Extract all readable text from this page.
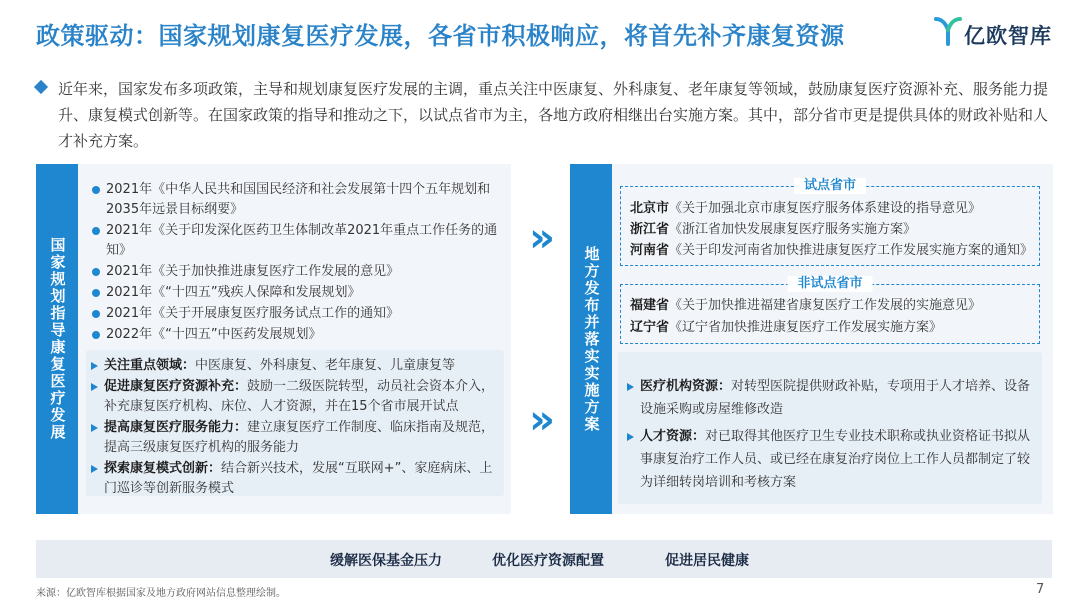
政策驱动：国家规划康复医疗发展，各省市积极响应，将首先补齐康复资源	亿欧智库

近年来，国家发布多项政策，主导和规划康复医疗发展的主调，重点关注中医康复、外科康复、老年康复等领域，鼓励康复医疗资源补充、服务能力提升、康复模式创新等。在国家政策的指导和推动之下，以试点省市为主，各地方政府相继出台实施方案。其中，部分省市更是提供具体的财政补贴和人才补充方案。

国家规划指导康复医疗发展
2021年《中华人民共和国国民经济和社会发展第十四个五年规划和2035年远景目标纲要》
2021年《关于印发深化医药卫生体制改革2021年重点工作任务的通知》
2021年《关于加快推进康复医疗工作发展的意见》
2021年《“十四五”残疾人保障和发展规划》
2021年《关于开展康复医疗服务试点工作的通知》
2022年《“十四五”中医药发展规划》
关注重点领域：中医康复、外科康复、老年康复、儿童康复等
促进康复医疗资源补充：鼓励一二级医院转型，动员社会资本介入，补充康复医疗机构、床位、人才资源，并在15个省市展开试点
提高康复医疗服务能力：建立康复医疗工作制度、临床指南及规范，提高三级康复医疗机构的服务能力
探索康复模式创新：结合新兴技术，发展“互联网+”、家庭病床、上门巡诊等创新服务模式
»
»	地方发布并落实实施方案
试点省市
北京市《关于加强北京市康复医疗服务体系建设的指导意见》
浙江省《浙江省加快发展康复医疗服务实施方案》
河南省《关于印发河南省加快推进康复医疗工作发展实施方案的通知》
非试点省市
福建省《关于加快推进福建省康复医疗工作发展的实施意见》
辽宁省《辽宁省加快推进康复医疗工作发展实施方案》
医疗机构资源：对转型医院提供财政补贴，专项用于人才培养、设备设施采购或房屋维修改造
人才资源：对已取得其他医疗卫生专业技术职称或执业资格证书拟从事康复治疗工作人员、或已经在康复治疗岗位上工作人员都制定了较为详细转岗培训和考核方案
缓解医保基金压力	优化医疗资源配置	促进居民健康
来源：亿欧智库根据国家及地方政府网站信息整理绘制。	7
